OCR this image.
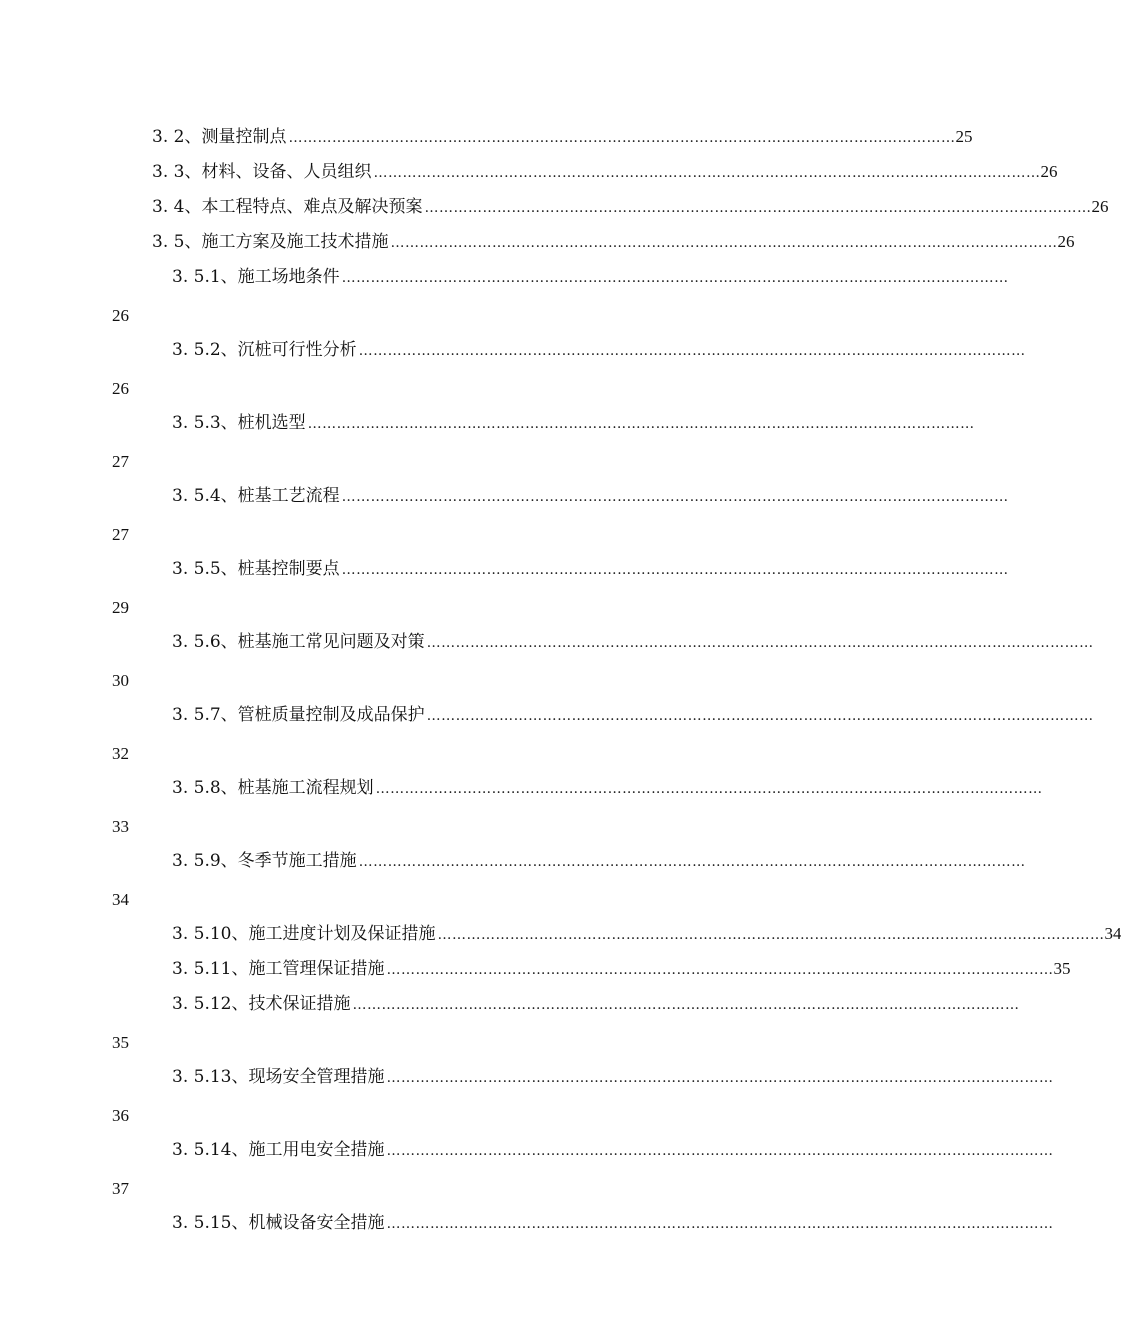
3. 2、测量控制点 ………………………………………………………………………………………………………………………… 25
3. 3、材料、设备、人员组织 ………………………………………………………………………………………………………………………… 26
3. 4、本工程特点、难点及解决预案 ………………………………………………………………………………………………………………………… 26
3. 5、施工方案及施工技术措施 ………………………………………………………………………………………………………………………… 26
3. 5.1、施工场地条件 …………………………………………………………………………………………………………………………
26
3. 5.2、沉桩可行性分析 …………………………………………………………………………………………………………………………
26
3. 5.3、桩机选型 …………………………………………………………………………………………………………………………
27
3. 5.4、桩基工艺流程 …………………………………………………………………………………………………………………………
27
3. 5.5、桩基控制要点 …………………………………………………………………………………………………………………………
29
3. 5.6、桩基施工常见问题及对策 …………………………………………………………………………………………………………………………
30
3. 5.7、管桩质量控制及成品保护 …………………………………………………………………………………………………………………………
32
3. 5.8、桩基施工流程规划 …………………………………………………………………………………………………………………………
33
3. 5.9、冬季节施工措施 …………………………………………………………………………………………………………………………
34
3. 5.10、施工进度计划及保证措施 ………………………………………………………………………………………………………………………… 34
3. 5.11、施工管理保证措施 ………………………………………………………………………………………………………………………… 35
3. 5.12、技术保证措施 …………………………………………………………………………………………………………………………
35
3. 5.13、现场安全管理措施 …………………………………………………………………………………………………………………………
36
3. 5.14、施工用电安全措施 …………………………………………………………………………………………………………………………
37
3. 5.15、机械设备安全措施 …………………………………………………………………………………………………………………………
